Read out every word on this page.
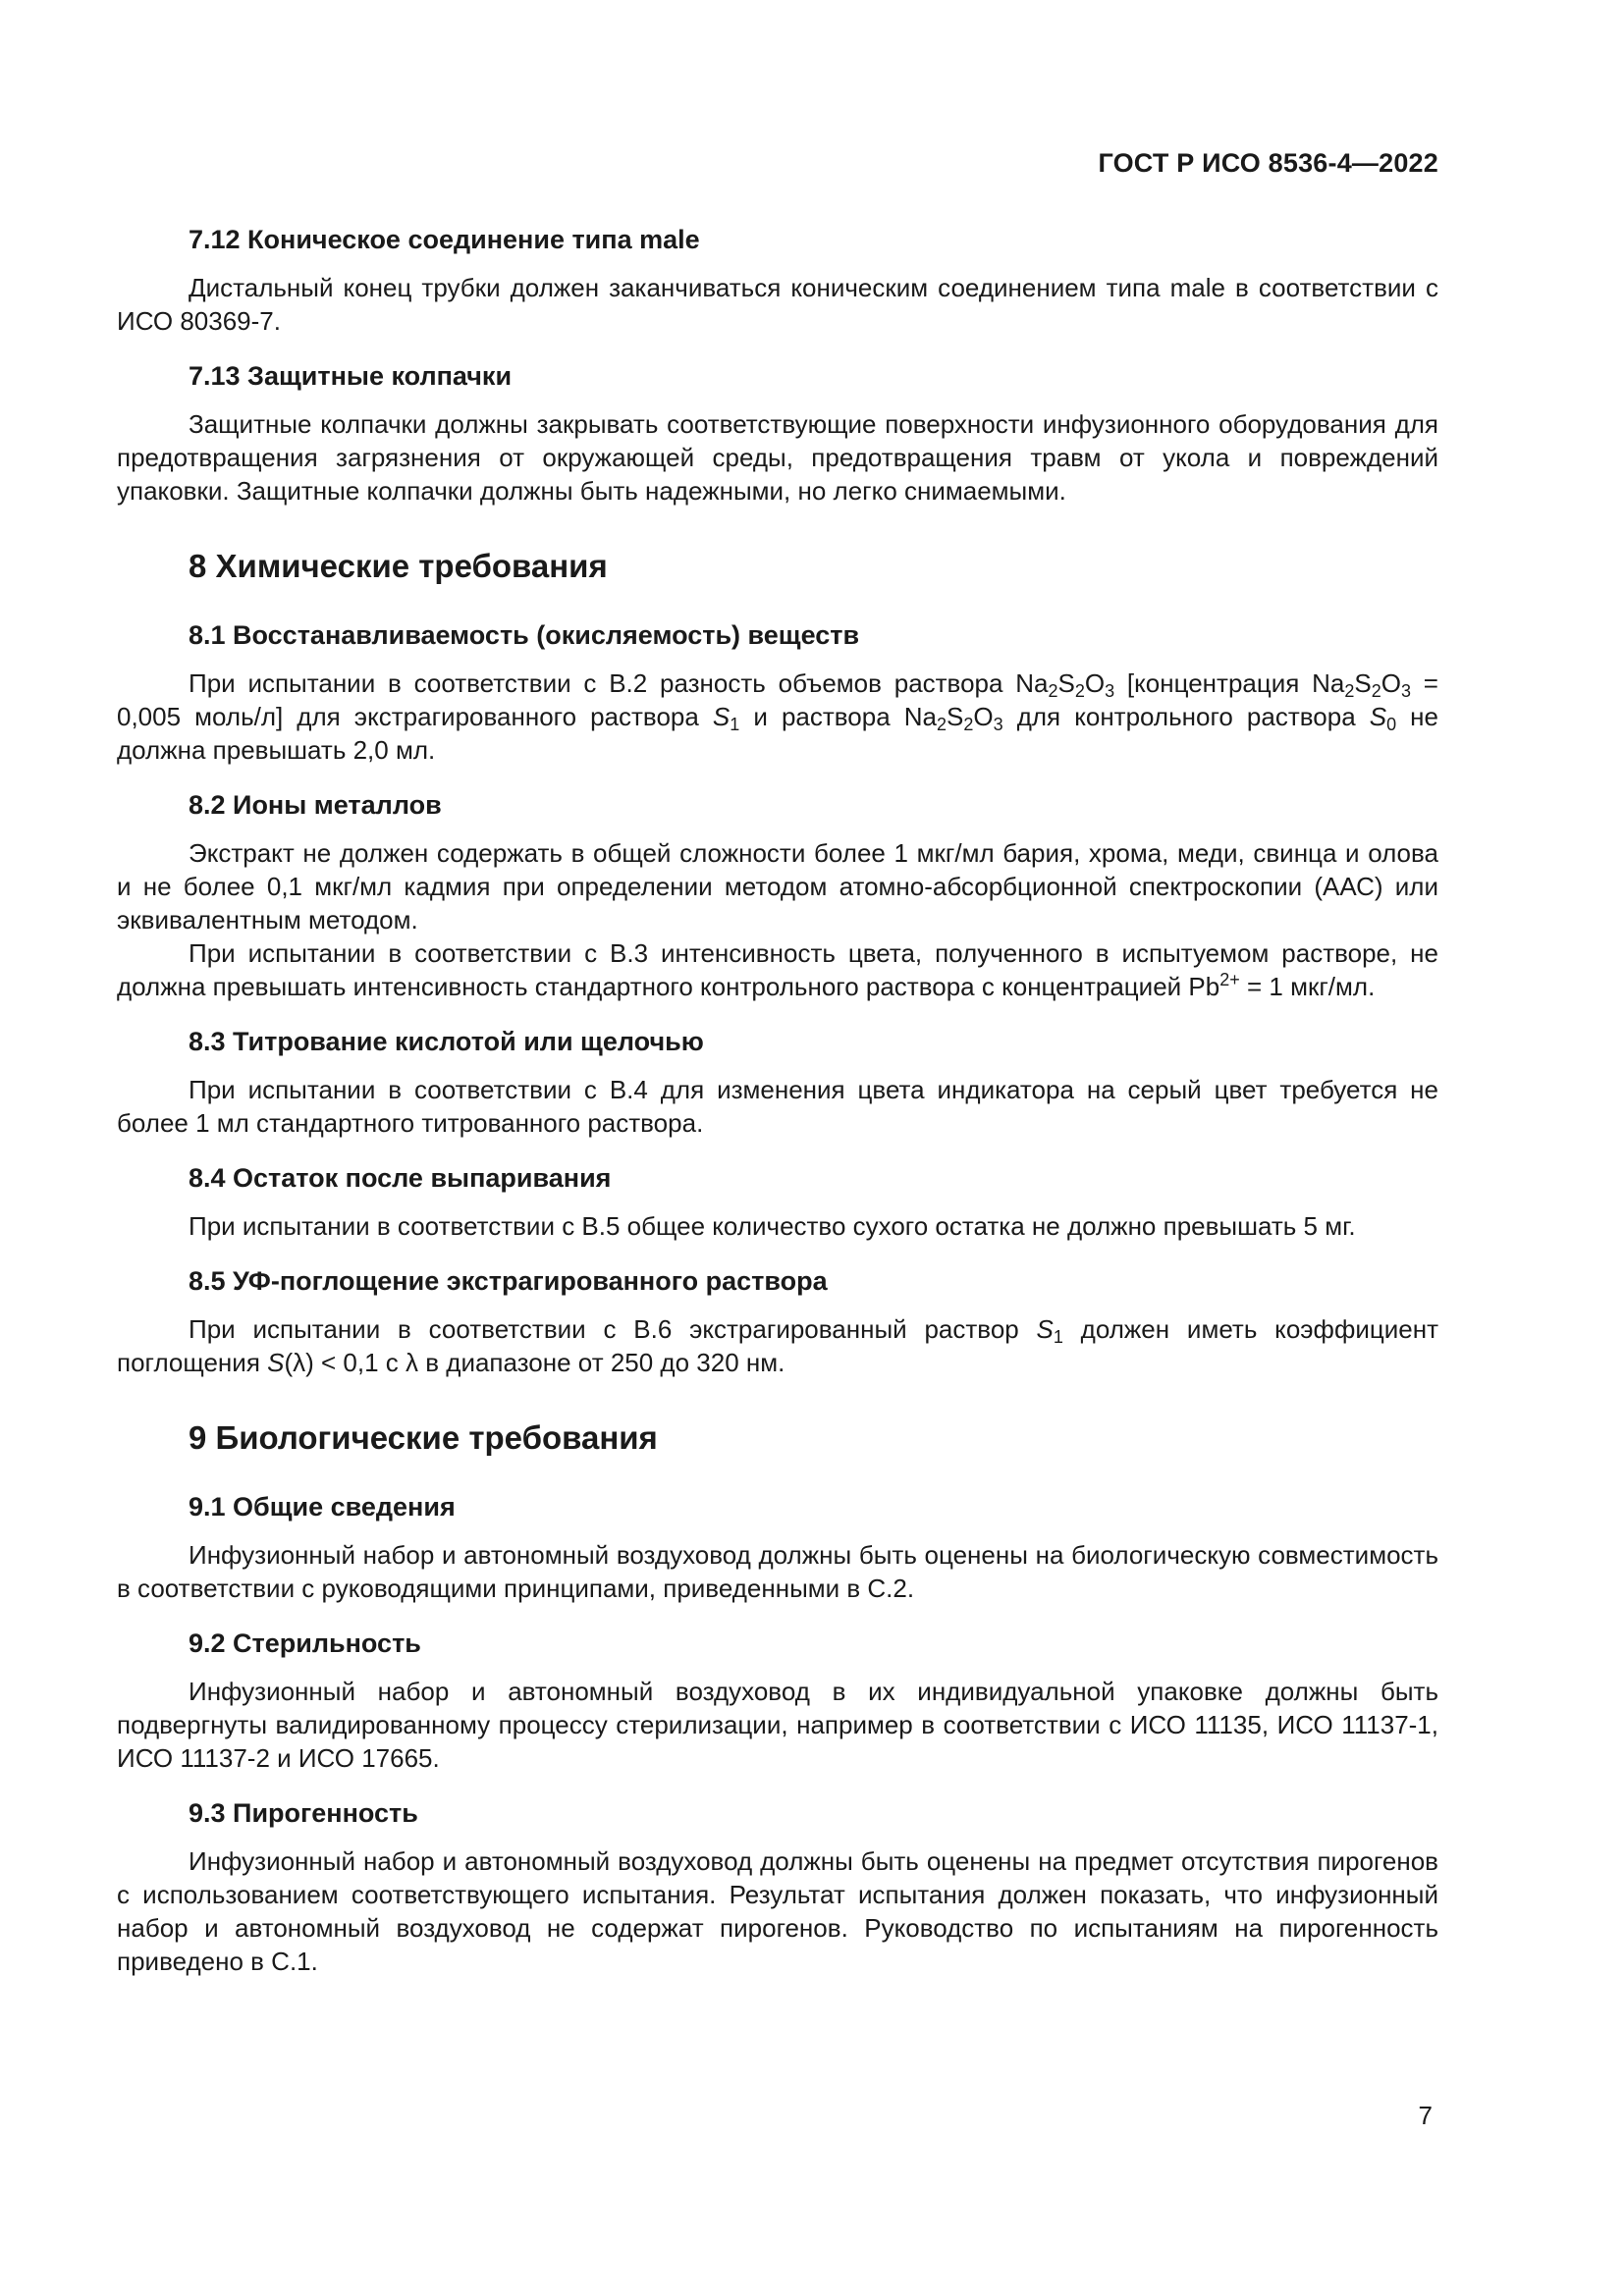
ГОСТ Р ИСО 8536-4—2022
7.12 Коническое соединение типа male

Дистальный конец трубки должен заканчиваться коническим соединением типа male в соответствии с ИСО 80369-7.

7.13 Защитные колпачки

Защитные колпачки должны закрывать соответствующие поверхности инфузионного оборудования для предотвращения загрязнения от окружающей среды, предотвращения травм от укола и повреждений упаковки. Защитные колпачки должны быть надежными, но легко снимаемыми.

8 Химические требования
8.1 Восстанавливаемость (окисляемость) веществ

При испытании в соответствии с В.2 разность объемов раствора $Na_2S_2O_3$ [концентрация $Na_2S_2O_3 = 0,005$ моль/л] для экстрагированного раствора $S_1$ и раствора $Na_2S_2O_3$ для контрольного раствора $S_0$ не должна превышать 2,0 мл.

8.2 Ионы металлов

Экстракт не должен содержать в общей сложности более 1 мкг/мл бария, хрома, меди, свинца и олова и не более 0,1 мкг/мл кадмия при определении методом атомно-абсорбционной спектроскопии (ААС) или эквивалентным методом.

При испытании в соответствии с В.3 интенсивность цвета, полученного в испытуемом растворе, не должна превышать интенсивность стандартного контрольного раствора с концентрацией $Pb^{2+} = 1$ мкг/мл.

8.3 Титрование кислотой или щелочью

При испытании в соответствии с В.4 для изменения цвета индикатора на серый цвет требуется не более 1 мл стандартного титрованного раствора.

8.4 Остаток после выпаривания

При испытании в соответствии с В.5 общее количество сухого остатка не должно превышать 5 мг.

8.5 УФ-поглощение экстрагированного раствора

При испытании в соответствии с В.6 экстрагированный раствор $S_1$ должен иметь коэффициент поглощения S(λ) < 0,1 с λ в диапазоне от 250 до 320 нм.

9 Биологические требования
9.1 Общие сведения

Инфузионный набор и автономный воздуховод должны быть оценены на биологическую совместимость в соответствии с руководящими принципами, приведенными в С.2.

9.2 Стерильность

Инфузионный набор и автономный воздуховод в их индивидуальной упаковке должны быть подвергнуты валидированному процессу стерилизации, например в соответствии с ИСО 11135, ИСО 11137-1, ИСО 11137-2 и ИСО 17665.

9.3 Пирогенность

Инфузионный набор и автономный воздуховод должны быть оценены на предмет отсутствия пирогенов с использованием соответствующего испытания. Результат испытания должен показать, что инфузионный набор и автономный воздуховод не содержат пирогенов. Руководство по испытаниям на пирогенность приведено в С.1.

7
